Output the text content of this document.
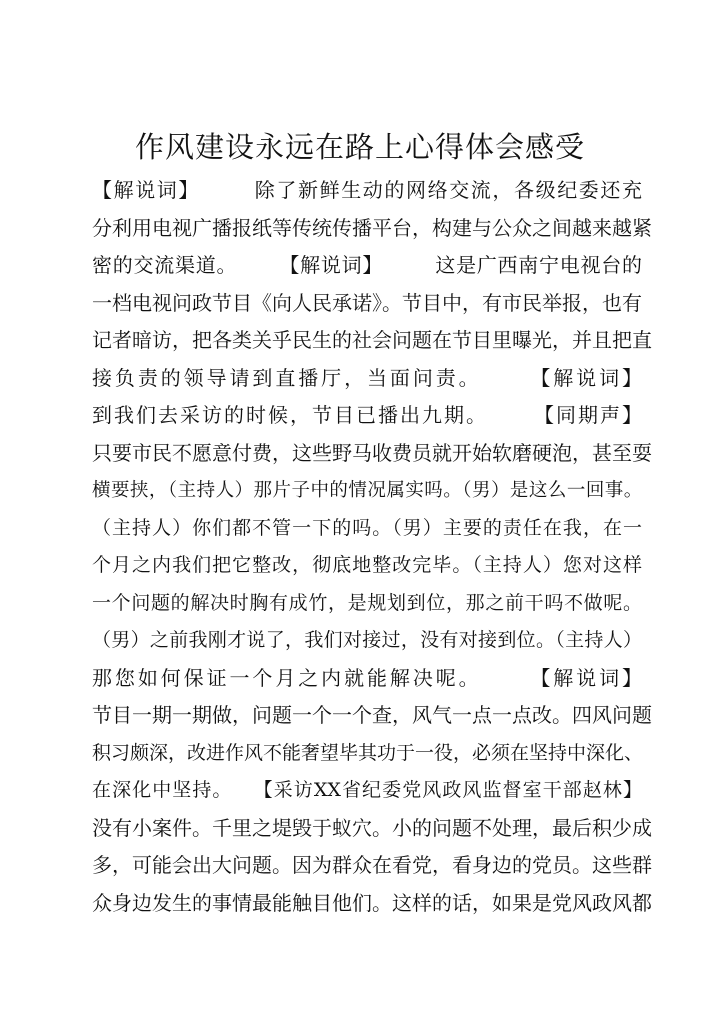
作风建设永远在路上心得体会感受
【解说词】　　　除了新鲜生动的网络交流，各级纪委还充
分利用电视广播报纸等传统传播平台，构建与公众之间越来越紧
密的交流渠道。　　　【解说词】　　　这是广西南宁电视台的
一档电视问政节目《向人民承诺》。节目中，有市民举报，也有
记者暗访，把各类关乎民生的社会问题在节目里曝光，并且把直
接负责的领导请到直播厅，当面问责。　　　【解说词】
到我们去采访的时候，节目已播出九期。　　　【同期声】
只要市民不愿意付费，这些野马收费员就开始软磨硬泡，甚至耍
横要挟，（主持人）那片子中的情况属实吗。（男）是这么一回事。
（主持人）你们都不管一下的吗。（男）主要的责任在我，在一
个月之内我们把它整改，彻底地整改完毕。（主持人）您对这样
一个问题的解决时胸有成竹，是规划到位，那之前干吗不做呢。
（男）之前我刚才说了，我们对接过，没有对接到位。（主持人）
那您如何保证一个月之内就能解决呢。　　　【解说词】
节目一期一期做，问题一个一个查，风气一点一点改。四风问题
积习颇深，改进作风不能奢望毕其功于一役，必须在坚持中深化、
在深化中坚持。　　【采访XX省纪委党风政风监督室干部赵林】
没有小案件。千里之堤毁于蚁穴。小的问题不处理，最后积少成
多，可能会出大问题。因为群众在看党，看身边的党员。这些群
众身边发生的事情最能触目他们。这样的话，如果是党风政风都
